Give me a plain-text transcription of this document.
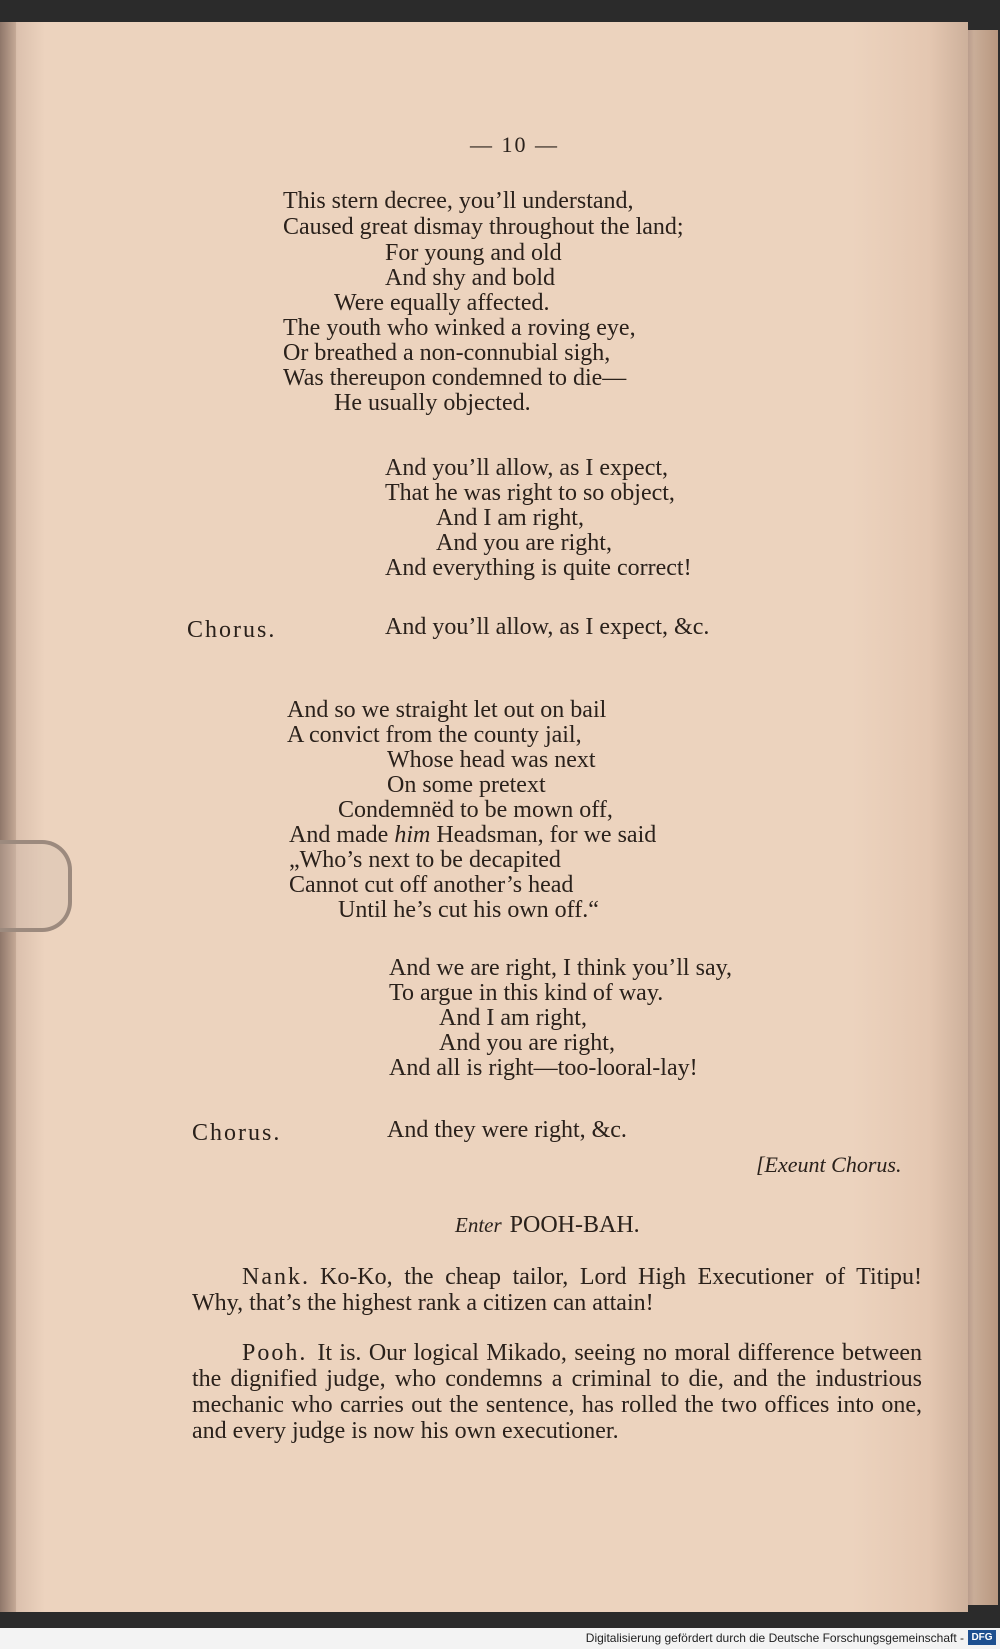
— 10 —
This stern decree, you’ll understand,
Caused great dismay throughout the land;
For young and old
And shy and bold
Were equally affected.
The youth who winked a roving eye,
Or breathed a non-connubial sigh,
Was thereupon condemned to die—
He usually objected.
And you’ll allow, as I expect,
That he was right to so object,
And I am right,
And you are right,
And everything is quite correct!
Chorus.	And you’ll allow, as I expect, &c.
And so we straight let out on bail
A convict from the county jail,
Whose head was next
On some pretext
Condemnëd to be mown off,
And made him Headsman, for we said
„Who’s next to be decapited
Cannot cut off another’s head
Until he’s cut his own off.“
And we are right, I think you’ll say,
To argue in this kind of way.
And I am right,
And you are right,
And all is right—too-looral-lay!
Chorus.	And they were right, &c.
[Exeunt Chorus.
Enter POOH-BAH.

Nank. Ko-Ko, the cheap tailor, Lord High Executioner of Titipu! Why, that’s the highest rank a citizen can attain!

Pooh. It is. Our logical Mikado, seeing no moral difference between the dignified judge, who condemns a criminal to die, and the industrious mechanic who carries out the sentence, has rolled the two offices into one, and every judge is now his own executioner.

Digitalisierung gefördert durch die Deutsche Forschungsgemeinschaft - DFG
